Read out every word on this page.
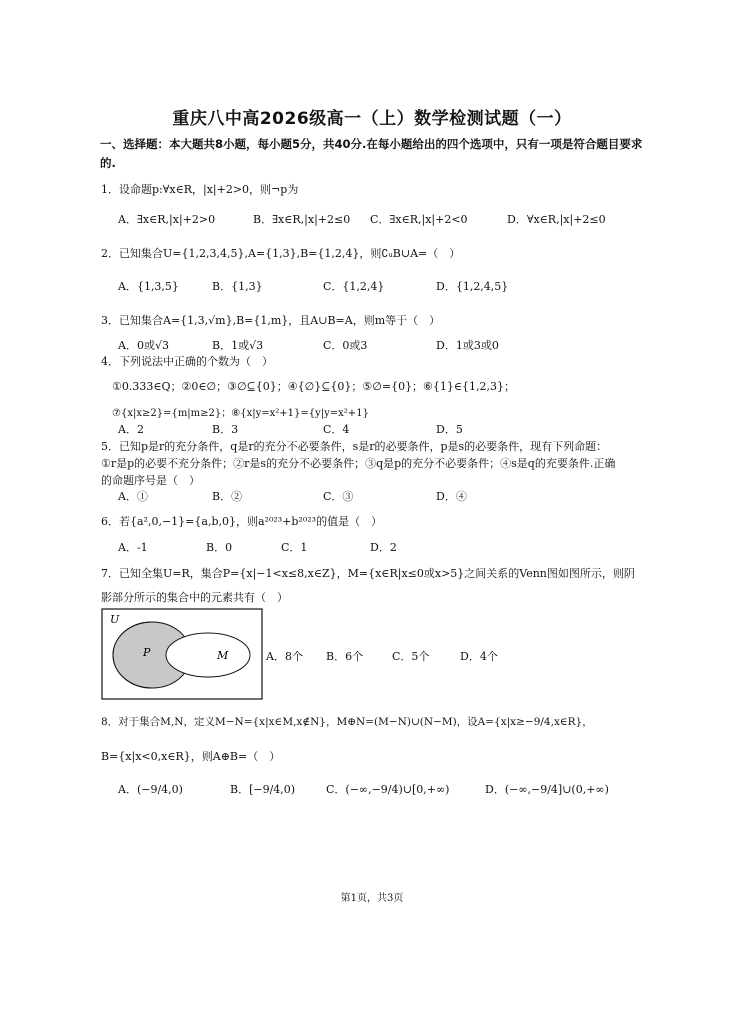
重庆八中高2026级高一（上）数学检测试题（一）
一、选择题：本大题共8小题，每小题5分，共40分.在每小题给出的四个选项中，只有一项是符合题目要求
的.
1．设命题p:∀x∈R，|x|+2>0，则¬p为
A．∃x∈R,|x|+2>0	B．∃x∈R,|x|+2≤0 C．∃x∈R,|x|+2<0	D．∀x∈R,|x|+2≤0
2．已知集合U={1,2,3,4,5},A={1,3},B={1,2,4}，则∁ᵤB∪A=（　）
A．{1,3,5}	B．{1,3}	C．{1,2,4}	D．{1,2,4,5}
3．已知集合A={1,3,√m},B={1,m}，且A∪B=A，则m等于（　）
A．0或√3	B．1或√3	C．0或3	D．1或3或0
4．下列说法中正确的个数为（　）
①0.333∈Q；②0∈∅；③∅⊆{0}；④{∅}⊆{0}；⑤∅={0}；⑥{1}∈{1,2,3}；
⑦{x|x≥2}={m|m≥2}；⑧{x|y=x²+1}={y|y=x²+1}
A．2	B．3	C．4	D．5
5．已知p是r的充分条件，q是r的充分不必要条件，s是r的必要条件，p是s的必要条件，现有下列命题：
①r是p的必要不充分条件；②r是s的充分不必要条件；③q是p的充分不必要条件；④s是q的充要条件.正确
的命题序号是（　）
A．①	B．②	C．③	D．④
6．若{a²,0,−1}={a,b,0}，则a²⁰²³+b²⁰²³的值是（　）
A．-1	B．0	C．1	D．2
7．已知全集U=R，集合P={x|−1<x≤8,x∈Z}，M={x∈R|x≤0或x>5}之间关系的Venn图如图所示，则阴
影部分所示的集合中的元素共有（　）
U
P	M	A．8个 B．6个	C．5个	D．4个
8．对于集合M,N，定义M−N={x|x∈M,x∉N}，M⊕N=(M−N)∪(N−M)，设A={x|x≥−9/4,x∈R}，
B={x|x<0,x∈R}，则A⊕B=（　）
A．(−9/4,0)	B．[−9/4,0)	C．(−∞,−9/4)∪[0,+∞)	D．(−∞,−9/4]∪(0,+∞)
第1页，共3页
